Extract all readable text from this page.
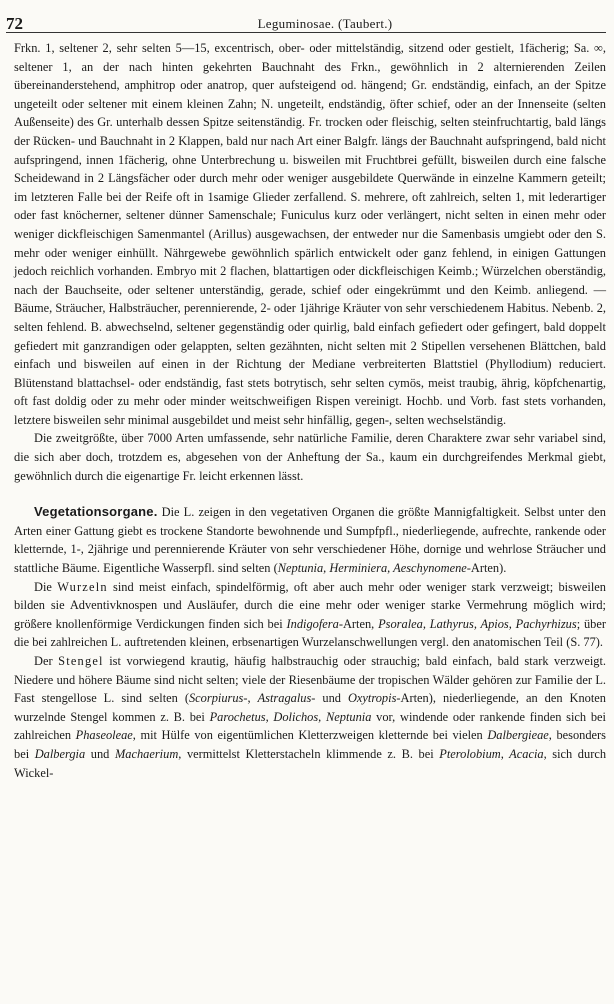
72	Leguminosae. (Taubert.)

Frkn. 1, seltener 2, sehr selten 5—15, excentrisch, ober- oder mittelständig, sitzend oder gestielt, 1fächerig; Sa. ∞, seltener 1, an der nach hinten gekehrten Bauchnaht des Frkn., gewöhnlich in 2 alternierenden Zeilen übereinanderstehend, amphitrop oder anatrop, quer aufsteigend od. hängend; Gr. endständig, einfach, an der Spitze ungeteilt oder seltener mit einem kleinen Zahn; N. ungeteilt, endständig, öfter schief, oder an der Innenseite (selten Außenseite) des Gr. unterhalb dessen Spitze seitenständig. Fr. trocken oder fleischig, selten steinfruchtartig, bald längs der Rücken- und Bauchnaht in 2 Klappen, bald nur nach Art einer Balgfr. längs der Bauchnaht aufspringend, bald nicht aufspringend, innen 1fächerig, ohne Unterbrechung u. bisweilen mit Fruchtbrei gefüllt, bisweilen durch eine falsche Scheidewand in 2 Längsfächer oder durch mehr oder weniger ausgebildete Querwände in einzelne Kammern geteilt; im letzteren Falle bei der Reife oft in 1samige Glieder zerfallend. S. mehrere, oft zahlreich, selten 1, mit lederartiger oder fast knöcherner, seltener dünner Samenschale; Funiculus kurz oder verlängert, nicht selten in einen mehr oder weniger dickfleischigen Samenmantel (Arillus) ausgewachsen, der entweder nur die Samenbasis umgiebt oder den S. mehr oder weniger einhüllt. Nährgewebe gewöhnlich spärlich entwickelt oder ganz fehlend, in einigen Gattungen jedoch reichlich vorhanden. Embryo mit 2 flachen, blattartigen oder dickfleischigen Keimb.; Würzelchen oberständig, nach der Bauchseite, oder seltener unterständig, gerade, schief oder eingekrümmt und den Keimb. anliegend. — Bäume, Sträucher, Halbsträucher, perennierende, 2- oder 1jährige Kräuter von sehr verschiedenem Habitus. Nebenb. 2, selten fehlend. B. abwechselnd, seltener gegenständig oder quirlig, bald einfach gefiedert oder gefingert, bald doppelt gefiedert mit ganzrandigen oder gelappten, selten gezähnten, nicht selten mit 2 Stipellen versehenen Blättchen, bald einfach und bisweilen auf einen in der Richtung der Mediane verbreiterten Blattstiel (Phyllodium) reduciert. Blütenstand blattachsel- oder endständig, fast stets botrytisch, sehr selten cymös, meist traubig, ährig, köpfchenartig, oft fast doldig oder zu mehr oder minder weitschweifigen Rispen vereinigt. Hochb. und Vorb. fast stets vorhanden, letztere bisweilen sehr minimal ausgebildet und meist sehr hinfällig, gegen-, selten wechselständig.

Die zweitgrößte, über 7000 Arten umfassende, sehr natürliche Familie, deren Charaktere zwar sehr variabel sind, die sich aber doch, trotzdem es, abgesehen von der Anheftung der Sa., kaum ein durchgreifendes Merkmal giebt, gewöhnlich durch die eigenartige Fr. leicht erkennen lässt.

Vegetationsorgane. Die L. zeigen in den vegetativen Organen die größte Mannigfaltigkeit. Selbst unter den Arten einer Gattung giebt es trockene Standorte bewohnende und Sumpfpfl., niederliegende, aufrechte, rankende oder kletternde, 1-, 2jährige und perennierende Kräuter von sehr verschiedener Höhe, dornige und wehrlose Sträucher und stattliche Bäume. Eigentliche Wasserpfl. sind selten (Neptunia, Herminiera, Aeschynomene-Arten).

Die Wurzeln sind meist einfach, spindelförmig, oft aber auch mehr oder weniger stark verzweigt; bisweilen bilden sie Adventivknospen und Ausläufer, durch die eine mehr oder weniger starke Vermehrung möglich wird; größere knollenförmige Verdickungen finden sich bei Indigofera-Arten, Psoralea, Lathyrus, Apios, Pachyrhizus; über die bei zahlreichen L. auftretenden kleinen, erbsenartigen Wurzelanschwellungen vergl. den anatomischen Teil (S. 77).

Der Stengel ist vorwiegend krautig, häufig halbstrauchig oder strauchig; bald einfach, bald stark verzweigt. Niedere und höhere Bäume sind nicht selten; viele der Riesenbäume der tropischen Wälder gehören zur Familie der L. Fast stengellose L. sind selten (Scorpiurus-, Astragalus- und Oxytropis-Arten), niederliegende, an den Knoten wurzelnde Stengel kommen z. B. bei Parochetus, Dolichos, Neptunia vor, windende oder rankende finden sich bei zahlreichen Phaseoleae, mit Hülfe von eigentümlichen Kletterzweigen kletternde bei vielen Dalbergieae, besonders bei Dalbergia und Machaerium, vermittelst Kletterstacheln klimmende z. B. bei Pterolobium, Acacia, sich durch Wickel-
